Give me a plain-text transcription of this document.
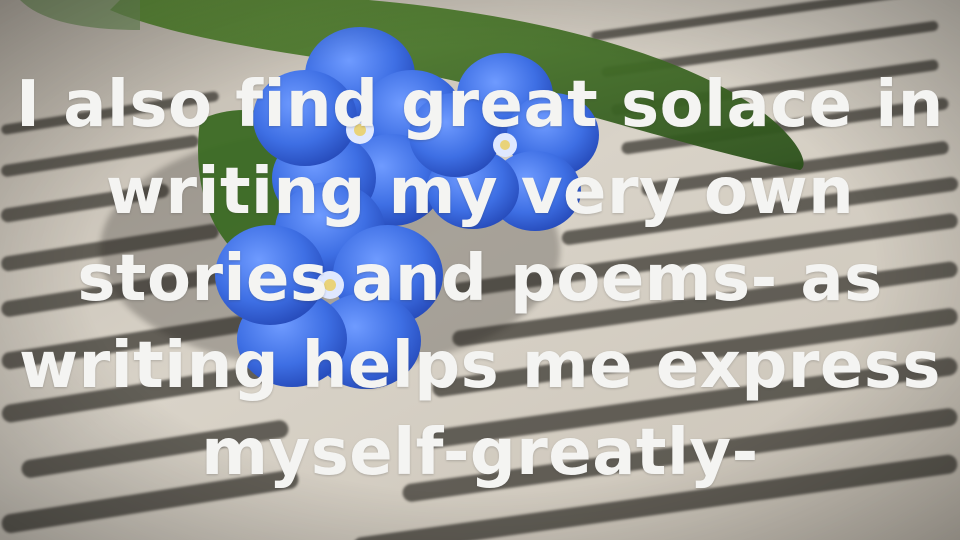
I also find great solace in
writing my very own
stories and poems- as
writing helps me express
myself-greatly-
